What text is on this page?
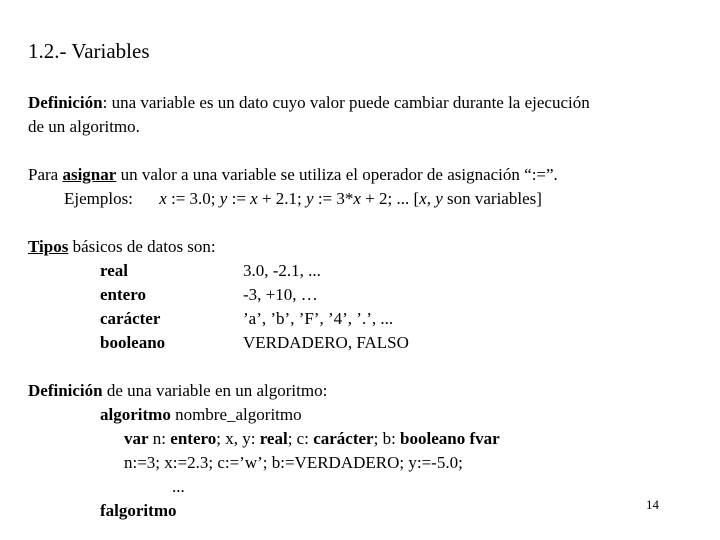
1.2.- Variables
Definición: una variable es un dato cuyo valor puede cambiar durante la ejecución
de un algoritmo.
Para asignar un valor a una variable se utiliza el operador de asignación “:=”.
Ejemplos: x := 3.0; y := x + 2.1; y := 3*x + 2; ... [x, y son variables]
Tipos básicos de datos son:
real	3.0, -2.1, ...
entero	-3, +10, …
carácter	’a’, ’b’, ’F’, ’4’, ’.’, ...
booleano	VERDADERO, FALSO
Definición de una variable en un algoritmo:
algoritmo nombre_algoritmo
var n: entero; x, y: real; c: carácter; b: booleano fvar
n:=3; x:=2.3; c:=’w’; b:=VERDADERO; y:=-5.0;
...
falgoritmo	14
